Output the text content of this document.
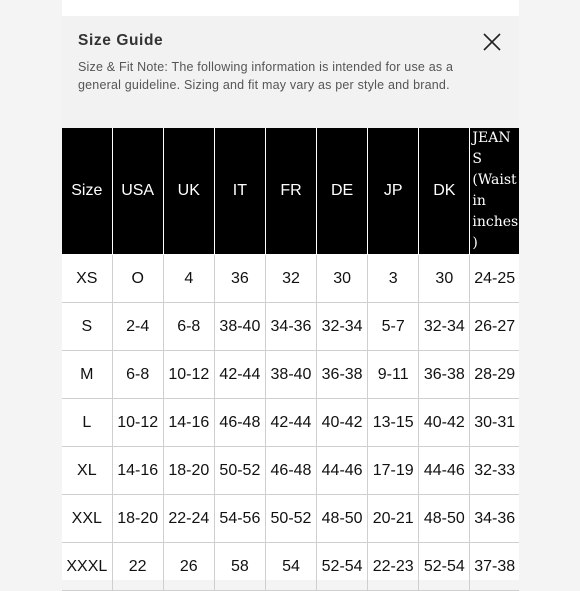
Size Guide
Size & Fit Note: The following information is intended for use as a general guideline. Sizing and fit may vary as per style and brand.
Size	USA	UK	IT	FR	DE	JP	DK	JEANS (Waist in inches)
XS	O	4	36	32	30	3	30	24-25
S	2-4	6-8	38-40	34-36	32-34	5-7	32-34	26-27
M	6-8	10-12	42-44	38-40	36-38	9-11	36-38	28-29
L	10-12	14-16	46-48	42-44	40-42	13-15	40-42	30-31
XL	14-16	18-20	50-52	46-48	44-46	17-19	44-46	32-33
XXL	18-20	22-24	54-56	50-52	48-50	20-21	48-50	34-36
XXXL	22	26	58	54	52-54	22-23	52-54	37-38
